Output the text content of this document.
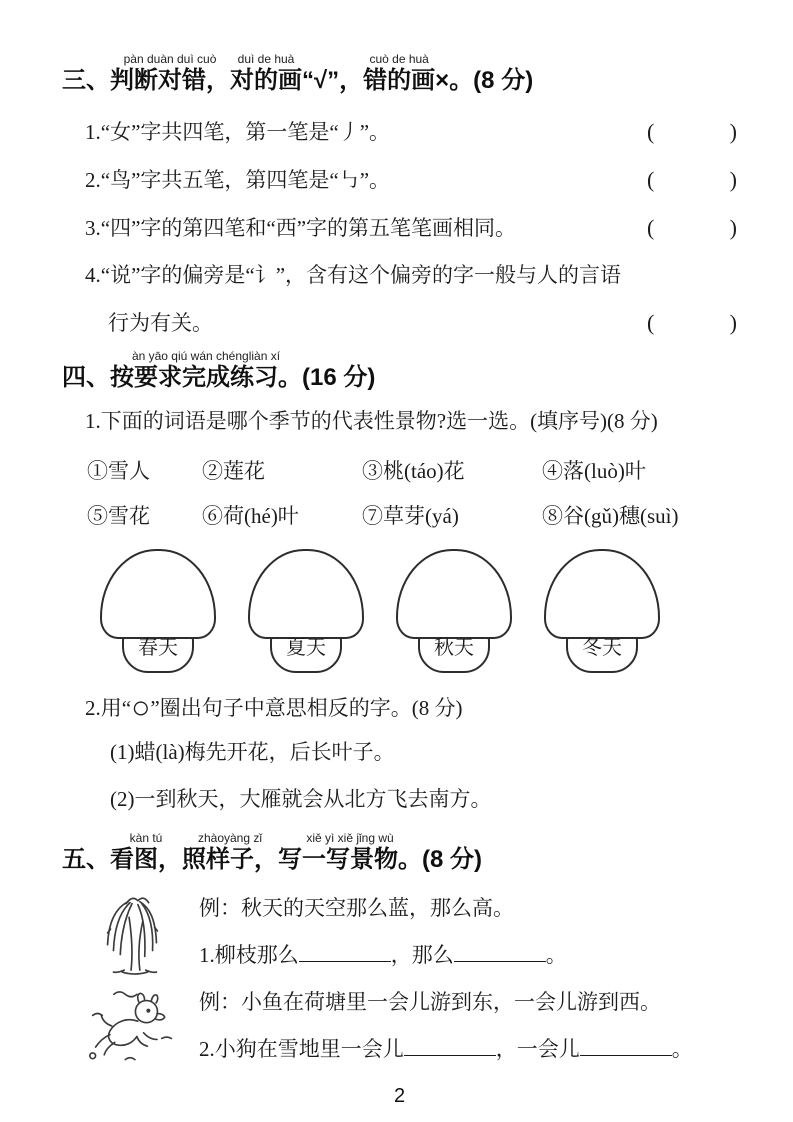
三、
pàn duàn duì cuò
判断对错，
duì de huà
对的画 “√”，
cuò de huà
错的画 ×。(8 分)
1.“女”字共四笔，第一笔是“丿”。	(	)
2.“鸟”字共五笔，第四笔是“㇉”。	(	)
3.“四”字的第四笔和“西”字的第五笔笔画相同。	(	)
4.“说”字的偏旁是“讠”，含有这个偏旁的字一般与人的言语
行为有关。	(	)
四、
àn yāo qiú wán chéngliàn xí
按要求完成练习。 (16 分)
1.下面的词语是哪个季节的代表性景物?选一选。(填序号)(8 分)
①雪人	②莲花	③桃(táo)花	④落(luò)叶
⑤雪花	⑥荷(hé)叶	⑦草芽(yá)	⑧谷(gǔ)穗(suì)
春天	夏天	秋天	冬天
2.用“○”圈出句子中意思相反的字。(8 分)
(1)蜡(là)梅先开花，后长叶子。
(2)一到秋天，大雁就会从北方飞去南方。
五、
kàn tú
看图，
zhàoyàng zǐ
照样子，
xiě yì xiě jǐng wù
写一写景物。 (8 分)
例：秋天的天空那么蓝，那么高。
1.柳枝那么	，那么	。
例：小鱼在荷塘里一会儿游到东，一会儿游到西。
2.小狗在雪地里一会儿	，一会儿	。
2
